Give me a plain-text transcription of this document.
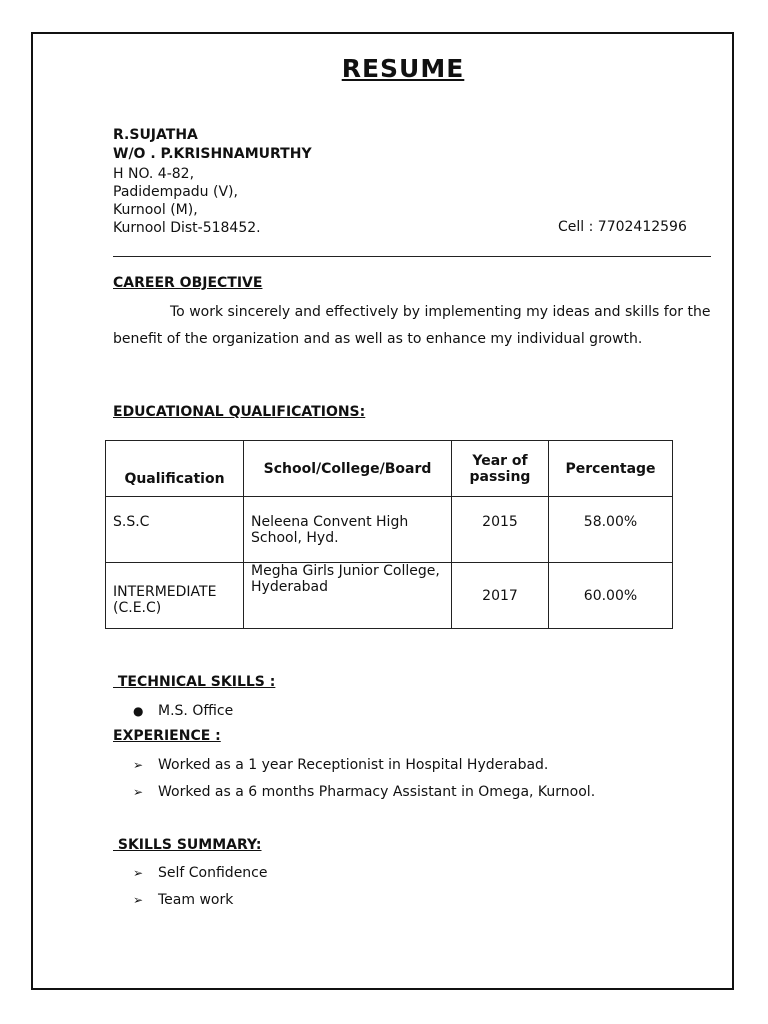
RESUME
R.SUJATHA
W/O . P.KRISHNAMURTHY
H NO. 4-82,
Padidempadu (V),
Kurnool (M),
Kurnool Dist-518452.	Cell : 7702412596
CAREER OBJECTIVE
To work sincerely and effectively by implementing my ideas and skills for the benefit of the organization and as well as to enhance my individual growth.
EDUCATIONAL QUALIFICATIONS:
Qualification	School/College/Board	Year of passing	Percentage
S.S.C	Neleena Convent High School, Hyd.	2015	58.00%
INTERMEDIATE (C.E.C)	Megha Girls Junior College, Hyderabad	2017	60.00%
TECHNICAL SKILLS :
●	M.S. Office
EXPERIENCE :
➢	Worked as a 1 year Receptionist in Hospital Hyderabad.
➢	Worked as a 6 months Pharmacy Assistant in Omega, Kurnool.
SKILLS SUMMARY:
➢	Self Confidence
➢	Team work
